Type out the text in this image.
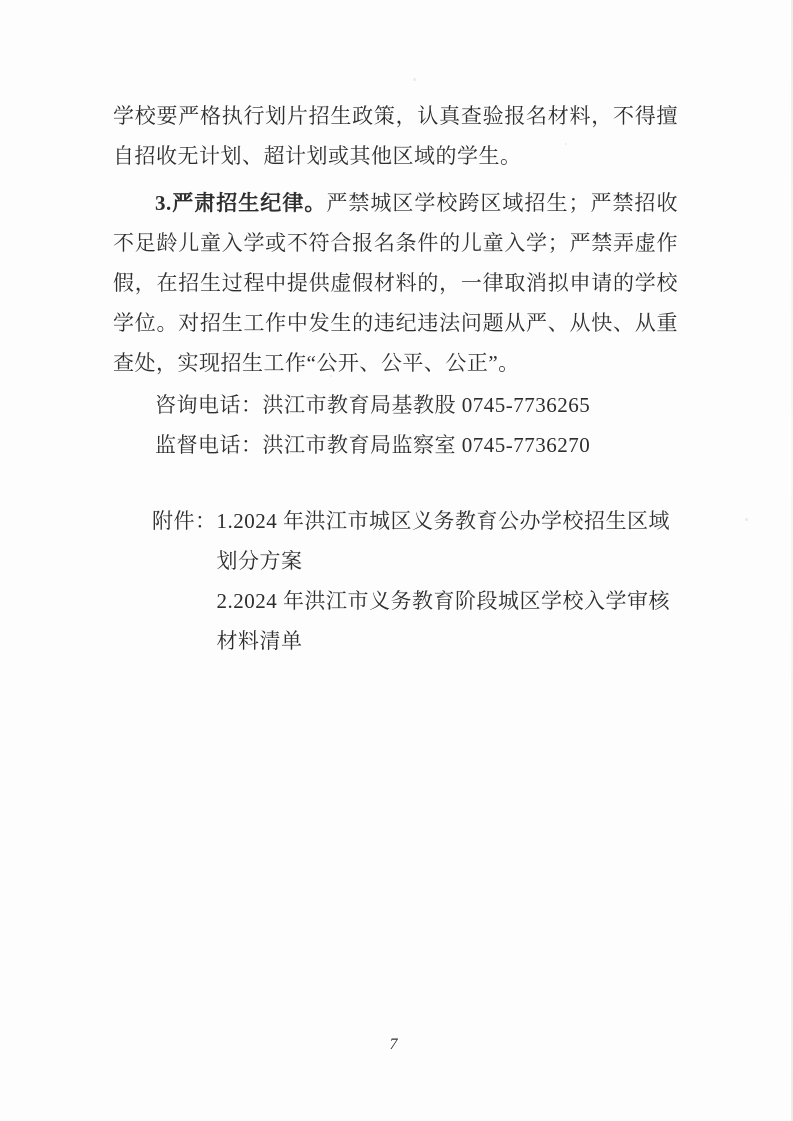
学校要严格执行划片招生政策，认真查验报名材料，不得擅自招收无计划、超计划或其他区域的学生。

3.严肃招生纪律。严禁城区学校跨区域招生；严禁招收不足龄儿童入学或不符合报名条件的儿童入学；严禁弄虚作假，在招生过程中提供虚假材料的，一律取消拟申请的学校学位。对招生工作中发生的违纪违法问题从严、从快、从重查处，实现招生工作“公开、公平、公正”。

咨询电话：洪江市教育局基教股 0745-7736265

监督电话：洪江市教育局监察室 0745-7736270

附件： 1.2024 年洪江市城区义务教育公办学校招生区域划分方案

2.2024 年洪江市义务教育阶段城区学校入学审核材料清单

7
